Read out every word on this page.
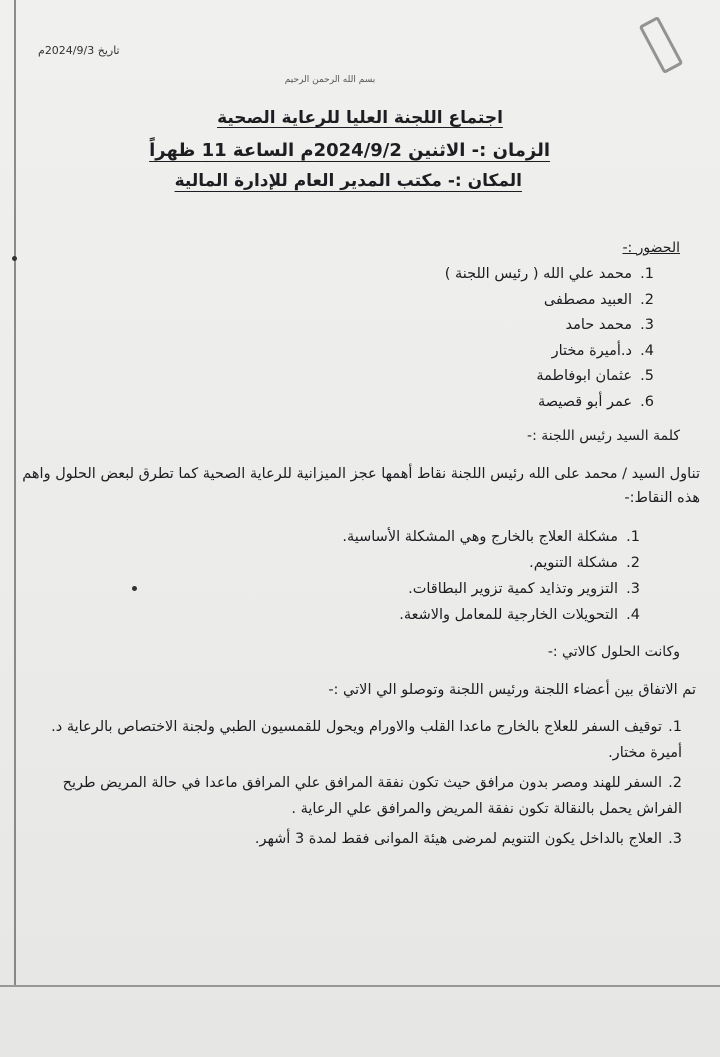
تاريخ 2024/9/3م
بسم الله الرحمن الرحيم
اجتماع اللجنة العليا للرعاية الصحية
الزمان :- الاثنين 2024/9/2م الساعة 11 ظهراً
المكان :- مكتب المدير العام للإدارة المالية
الحضور :-
1.محمد علي الله ( رئيس اللجنة )
2.العبيد مصطفى
3.محمد حامد
4.د.أميرة مختار
5.عثمان ابوفاطمة
6.عمر أبو قصيصة
كلمة السيد رئيس اللجنة :-
تناول السيد / محمد على الله رئيس اللجنة نقاط أهمها عجز الميزانية للرعاية الصحية كما تطرق لبعض الحلول واهم هذه النقاط:-
1.مشكلة العلاج بالخارج وهي المشكلة الأساسية.
2.مشكلة التنويم.
3.التزوير وتذايد كمية تزوير البطاقات.
4.التحويلات الخارجية للمعامل والاشعة.
وكانت الحلول كالاتي :-
تم الاتفاق بين أعضاء اللجنة ورئيس اللجنة وتوصلو الي الاتي :-
1.توقيف السفر للعلاج بالخارج ماعدا القلب والاورام ويحول للقمسيون الطبي ولجنة الاختصاص بالرعاية د. أميرة مختار.
2.السفر للهند ومصر بدون مرافق حيث تكون نفقة المرافق علي المرافق ماعدا في حالة المريض طريح الفراش يحمل بالنقالة تكون نفقة المريض والمرافق علي الرعاية .
3.العلاج بالداخل يكون التنويم لمرضى هيئة الموانى فقط لمدة 3 أشهر.
